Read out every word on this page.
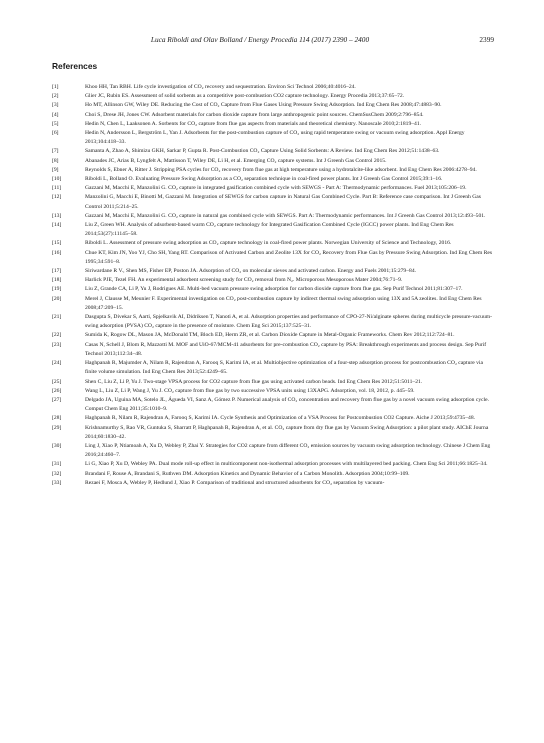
Luca Riboldi and Olav Bolland / Energy Procedia 114 (2017) 2390 – 2400	2399
References
[1]	Khoo HH, Tan RBH. Life cycle investigation of CO₂ recovery and sequestration. Environ Sci Technol 2006;40:4016–24.
[2]	Glier JC, Rubin ES. Assessment of solid sorbents as a competitive post-combustion CO2 capture technology. Energy Procedia 2013;37:65–72.
[3]	Ho MT, Allinson GW, Wiley DE. Reducing the Cost of CO₂ Capture from Flue Gases Using Pressure Swing Adsorption. Ind Eng Chem Res 2008;47:4883–90.
[4]	Choi S, Drese JH, Jones CW. Adsorbent materials for carbon dioxide capture from large anthropogenic point sources. ChemSusChem 2009;2:796–854.
[5]	Hedin N, Chen L, Laaksonen A. Sorbents for CO₂ capture from flue gas aspects from materials and theoretical chemistry. Nanoscale 2010;2:1819–41.
[6]	Hedin N, Andersson L, Bergström L, Yan J. Adsorbents for the post-combustion capture of CO₂ using rapid temperature swing or vacuum swing adsorption. Appl Energy 2013;104:418–33.
[7]	Samanta A, Zhao A, Shimizu GKH, Sarkar P, Gupta R. Post-Combustion CO₂ Capture Using Solid Sorbents: A Review. Ind Eng Chem Res 2012;51:1438–63.
[8]	Abanades JC, Arias B, Lyngfelt A, Mattisson T, Wiley DE, Li H, et al. Emerging CO₂ capture systems. Int J Greenh Gas Control 2015.
[9]	Reynolds S, Ebner A, Ritter J. Stripping PSA cycles for CO₂ recovery from flue gas at high temperature using a hydrotalcite-like adsorbent. Ind Eng Chem Res 2006:4278–94.
[10]	Riboldi L, Bolland O. Evaluating Pressure Swing Adsorption as a CO₂ separation technique in coal-fired power plants. Int J Greenh Gas Control 2015;39:1–16.
[11]	Gazzani M, Macchi E, Manzolini G. CO₂ capture in integrated gasification combined cycle with SEWGS - Part A: Thermodynamic performances. Fuel 2013;105:206–19.
[12]	Manzolini G, Macchi E, Binotti M, Gazzani M. Integration of SEWGS for carbon capture in Natural Gas Combined Cycle. Part B: Reference case comparison. Int J Greenh Gas Control 2011;5:214–25.
[13]	Gazzani M, Macchi E, Manzolini G. CO₂ capture in natural gas combined cycle with SEWGS. Part A: Thermodynamic performances. Int J Greenh Gas Control 2013;12:493–501.
[14]	Liu Z, Green WH. Analysis of adsorbent-based warm CO₂ capture technology for Integrated Gasification Combined Cycle (IGCC) power plants. Ind Eng Chem Res 2014;53(27):11145–58.
[15]	Riboldi L. Assessment of pressure swing adsorption as CO₂ capture technology in coal-fired power plants. Norwegian University of Science and Technology, 2016.
[16]	Chue KT, Kim JN, Yoo YJ, Cho SH, Yang RT. Comparison of Activated Carbon and Zeolite 13X for CO₂ Recovery from Flue Gas by Pressure Swing Adsorption. Ind Eng Chem Res 1995;34:591–8.
[17]	Siriwardane R V., Shen MS, Fisher EP, Poston JA. Adsorption of CO₂ on molecular sieves and activated carbon. Energy and Fuels 2001;15:279–84.
[18]	Harlick PJE, Tezel FH. An experimental adsorbent screening study for CO₂ removal from N₂. Microporous Mesoporous Mater 2004;76:71–9.
[19]	Liu Z, Grande CA, Li P, Yu J, Rodrigues AE. Multi-bed vacuum pressure swing adsorption for carbon dioxide capture from flue gas. Sep Purif Technol 2011;81:307–17.
[20]	Merel J, Clausse M, Meunier F. Experimental investigation on CO₂ post-combustion capture by indirect thermal swing adsorption using 13X and 5A zeolites. Ind Eng Chem Res 2008;47:209–15.
[21]	Dasgupta S, Divekar S, Aarti, Spjelkavik AI, Didriksen T, Nanoti A, et al. Adsorption properties and performance of CPO-27-Ni/alginate spheres during multicycle pressure-vacuum-swing adsorption (PVSA) CO₂ capture in the presence of moisture. Chem Eng Sci 2015;137:525–31.
[22]	Sumida K, Rogow DL, Mason JA, McDonald TM, Bloch ED, Herm ZR, et al. Carbon Dioxide Capture in Metal-Organic Frameworks. Chem Rev 2012;112:724–81.
[23]	Casas N, Schell J, Blom R, Mazzotti M. MOF and UiO-67/MCM-41 adsorbents for pre-combustion CO₂ capture by PSA: Breakthrough experiments and process design. Sep Purif Technol 2013;112:34–48.
[24]	Haghpanah R, Majumder A, Nilam R, Rajendran A, Farooq S, Karimi IA, et al. Multiobjective optimization of a four-step adsorption process for postcombustion CO₂ capture via finite volume simulation. Ind Eng Chem Res 2013;52:4249–65.
[25]	Shen C, Liu Z, Li P, Yu J. Two-stage VPSA process for CO2 capture from flue gas using activated carbon beads. Ind Eng Chem Res 2012;51:5011–21.
[26]	Wang L, Liu Z, Li P, Wang J, Yu J. CO₂ capture from flue gas by two successive VPSA units using 13XAPG. Adsorption, vol. 18, 2012, p. 445–59.
[27]	Delgado JA, Uguina MA, Sotelo JL, Águeda VI, Sanz A, Gómez P. Numerical analysis of CO₂ concentration and recovery from flue gas by a novel vacuum swing adsorption cycle. Comput Chem Eng 2011;35:1010–9.
[28]	Haghpanah R, Nilam R, Rajendran A, Farooq S, Karimi IA. Cycle Synthesis and Optimization of a VSA Process for Postcombustion CO2 Capture. Aiche J 2013;59:4735–48.
[29]	Krishnamurthy S, Rao VR, Guntuka S, Sharratt P, Haghpanah R, Rajendran A, et al. CO₂ capture from dry flue gas by Vacuum Swing Adsorption: a pilot plant study. AIChE Journa 2014;60:1830–42.
[30]	Ling J, Xiao P, Ntiamoah A, Xu D, Webley P, Zhai Y. Strategies for CO2 capture from different CO₂ emission sources by vacuum swing adsorption technology. Chinese J Chem Eng 2016;24:460–7.
[31]	Li G, Xiao P, Xu D, Webley PA. Dual mode roll-up effect in multicomponent non-isothermal adsorption processes with multilayered bed packing. Chem Eng Sci 2011;66:1825–34.
[32]	Brandani F, Rouse A, Brandani S, Ruthven DM. Adsorption Kinetics and Dynamic Behavior of a Carbon Monolith. Adsorption 2004;10:99–109.
[33]	Rezaei F, Mosca A, Webley P, Hedlund J, Xiao P. Comparison of traditional and structured adsorbents for CO₂ separation by vacuum-
